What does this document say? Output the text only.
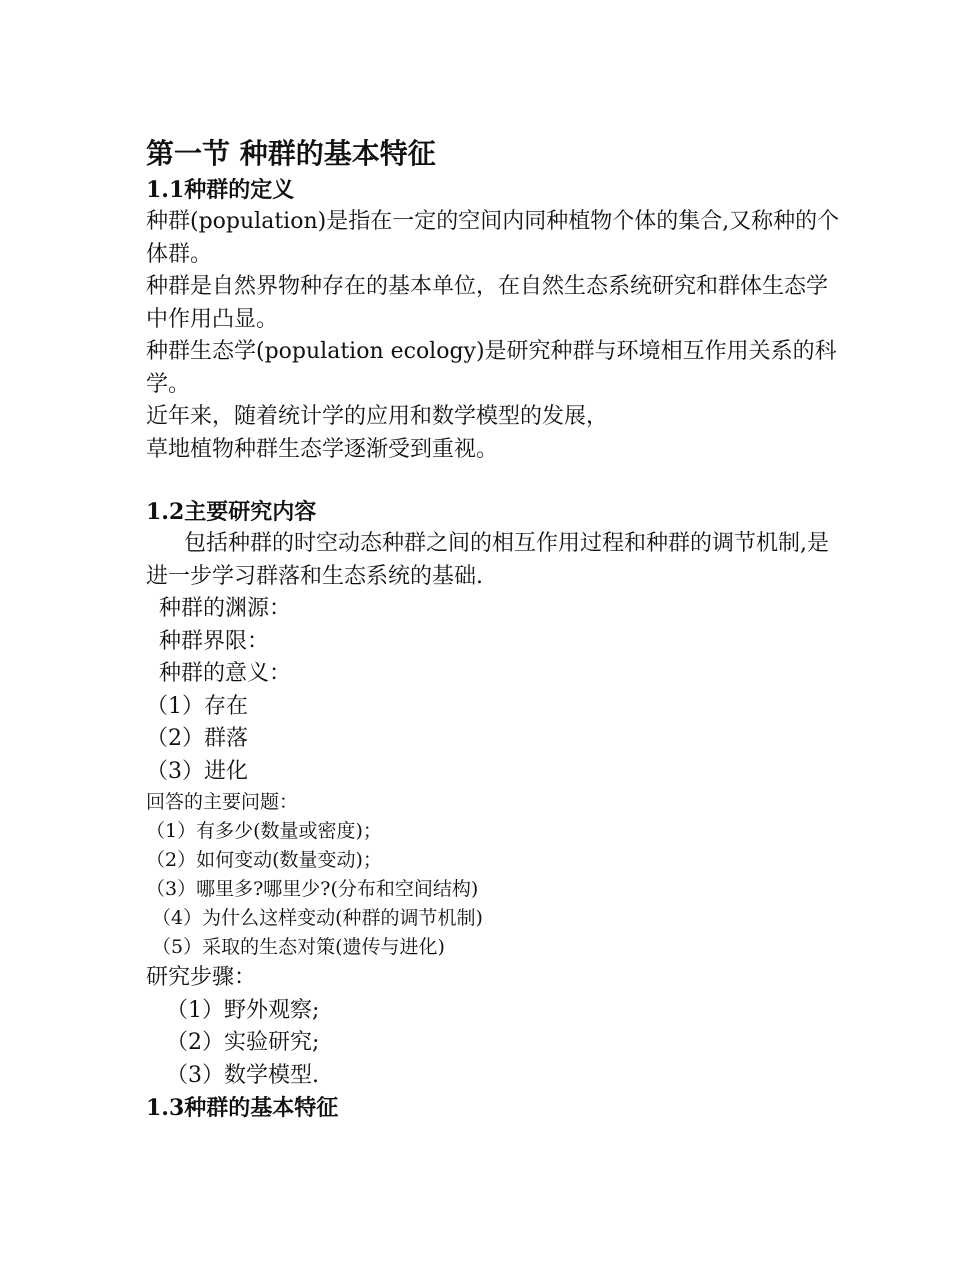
第一节 种群的基本特征
1.1种群的定义

种群(population)是指在一定的空间内同种植物个体的集合,又称种的个体群。

种群是自然界物种存在的基本单位，在自然生态系统研究和群体生态学中作用凸显。

种群生态学(population ecology)是研究种群与环境相互作用关系的科学。

近年来，随着统计学的应用和数学模型的发展，

草地植物种群生态学逐渐受到重视。

1.2主要研究内容

包括种群的时空动态种群之间的相互作用过程和种群的调节机制,是进一步学习群落和生态系统的基础.

种群的渊源：

种群界限：

种群的意义：

（1）存在

（2）群落

（3）进化

回答的主要问题：

（1）有多少(数量或密度)；

（2）如何变动(数量变动)；

（3）哪里多?哪里少?(分布和空间结构)

（4）为什么这样变动(种群的调节机制)

（5）采取的生态对策(遗传与进化)

研究步骤：

（1）野外观察;

（2）实验研究;

（3）数学模型.

1.3种群的基本特征
